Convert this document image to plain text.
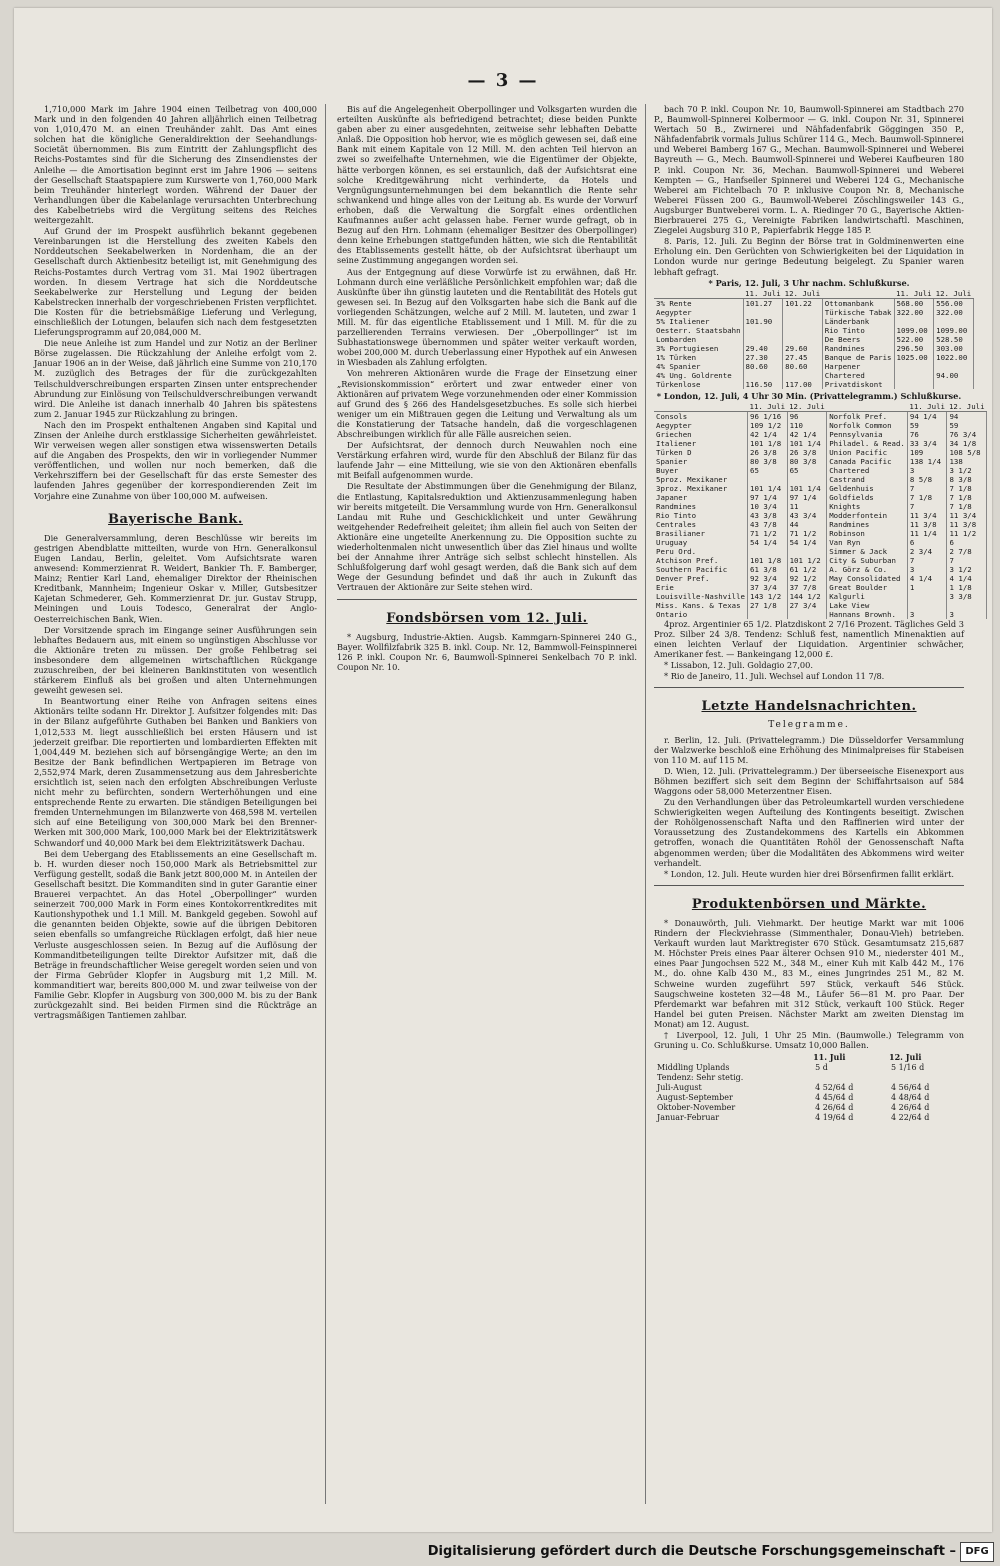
— 3 —

1,710,000 Mark im Jahre 1904 einen Teilbetrag von 400,000 Mark und in den folgenden 40 Jahren alljährlich einen Teilbetrag von 1,010,470 M. an einen Treuhänder zahlt. Das Amt eines solchen hat die königliche Generaldirektion der Seehandlungs-Societät übernommen. Bis zum Eintritt der Zahlungspflicht des Reichs-Postamtes sind für die Sicherung des Zinsendienstes der Anleihe — die Amortisation beginnt erst im Jahre 1906 — seitens der Gesellschaft Staatspapiere zum Kurswerte von 1,760,000 Mark beim Treuhänder hinterlegt worden. Während der Dauer der Verhandlungen über die Kabelanlage verursachten Unterbrechung des Kabelbetriebs wird die Vergütung seitens des Reiches weitergezahlt.

Auf Grund der im Prospekt ausführlich bekannt gegebenen Vereinbarungen ist die Herstellung des zweiten Kabels den Norddeutschen Seekabelwerken in Nordenham, die an der Gesellschaft durch Aktienbesitz beteiligt ist, mit Genehmigung des Reichs-Postamtes durch Vertrag vom 31. Mai 1902 übertragen worden. In diesem Vertrage hat sich die Norddeutsche Seekabelwerke zur Herstellung und Legung der beiden Kabelstrecken innerhalb der vorgeschriebenen Fristen verpflichtet. Die Kosten für die betriebsmäßige Lieferung und Verlegung, einschließlich der Lotungen, belaufen sich nach dem festgesetzten Lieferungsprogramm auf 20,084,000 M.

Die neue Anleihe ist zum Handel und zur Notiz an der Berliner Börse zugelassen. Die Rückzahlung der Anleihe erfolgt vom 2. Januar 1906 an in der Weise, daß jährlich eine Summe von 210,170 M. zuzüglich des Betrages der für die zurückgezahlten Teilschuldverschreibungen ersparten Zinsen unter entsprechender Abrundung zur Einlösung von Teilschuldverschreibungen verwandt wird. Die Anleihe ist danach innerhalb 40 Jahren bis spätestens zum 2. Januar 1945 zur Rückzahlung zu bringen.

Nach den im Prospekt enthaltenen Angaben sind Kapital und Zinsen der Anleihe durch erstklassige Sicherheiten gewährleistet. Wir verweisen wegen aller sonstigen etwa wissenswerten Details auf die Angaben des Prospekts, den wir in vorliegender Nummer veröffentlichen, und wollen nur noch bemerken, daß die Verkehrsziffern bei der Gesellschaft für das erste Semester des laufenden Jahres gegenüber der korrespondierenden Zeit im Vorjahre eine Zunahme von über 100,000 M. aufweisen.

Bayerische Bank.

Die Generalversammlung, deren Beschlüsse wir bereits im gestrigen Abendblatte mitteilten, wurde von Hrn. Generalkonsul Eugen Landau, Berlin, geleitet. Vom Aufsichtsrate waren anwesend: Kommerzienrat R. Weidert, Bankier Th. F. Bamberger, Mainz; Rentier Karl Land, ehemaliger Direktor der Rheinischen Kreditbank, Mannheim; Ingenieur Oskar v. Miller, Gutsbesitzer Kajetan Schmederer, Geh. Kommerzienrat Dr. jur. Gustav Strupp, Meiningen und Louis Todesco, Generalrat der Anglo-Oesterreichischen Bank, Wien.

Der Vorsitzende sprach im Eingange seiner Ausführungen sein lebhaftes Bedauern aus, mit einem so ungünstigen Abschlusse vor die Aktionäre treten zu müssen. Der große Fehlbetrag sei insbesondere dem allgemeinen wirtschaftlichen Rückgange zuzuschreiben, der bei kleineren Bankinstituten von wesentlich stärkerem Einfluß als bei großen und alten Unternehmungen geweiht gewesen sei.

In Beantwortung einer Reihe von Anfragen seitens eines Aktionärs teilte sodann Hr. Direktor J. Aufsitzer folgendes mit: Das in der Bilanz aufgeführte Guthaben bei Banken und Bankiers von 1,012,533 M. liegt ausschließlich bei ersten Häusern und ist jederzeit greifbar. Die reportierten und lombardierten Effekten mit 1,004,449 M. beziehen sich auf börsengängige Werte; an den im Besitze der Bank befindlichen Wertpapieren im Betrage von 2,552,974 Mark, deren Zusammensetzung aus dem Jahresberichte ersichtlich ist, seien nach den erfolgten Abschreibungen Verluste nicht mehr zu befürchten, sondern Werterhöhungen und eine entsprechende Rente zu erwarten. Die ständigen Beteiligungen bei fremden Unternehmungen im Bilanzwerte von 468,598 M. verteilen sich auf eine Beteiligung von 300,000 Mark bei den Brenner-Werken mit 300,000 Mark, 100,000 Mark bei der Elektrizitätswerk Schwandorf und 40,000 Mark bei dem Elektrizitätswerk Dachau.

Bei dem Uebergang des Etablissements an eine Gesellschaft m. b. H. wurden dieser noch 150,000 Mark als Betriebsmittel zur Verfügung gestellt, sodaß die Bank jetzt 800,000 M. in Anteilen der Gesellschaft besitzt. Die Kommanditen sind in guter Garantie einer Brauerei verpachtet. An das Hotel „Oberpollinger“ wurden seinerzeit 700,000 Mark in Form eines Kontokorrentkredites mit Kautionshypothek und 1.1 Mill. M. Bankgeld gegeben. Sowohl auf die genannten beiden Objekte, sowie auf die übrigen Debitoren seien ebenfalls so umfangreiche Rücklagen erfolgt, daß hier neue Verluste ausgeschlossen seien. In Bezug auf die Auflösung der Kommanditbeteiligungen teilte Direktor Aufsitzer mit, daß die Beträge in freundschaftlicher Weise geregelt worden seien und von der Firma Gebrüder Klopfer in Augsburg mit 1,2 Mill. M. kommanditiert war, bereits 800,000 M. und zwar teilweise von der Familie Gebr. Klopfer in Augsburg von 300,000 M. bis zu der Bank zurückgezahlt sind. Bei beiden Firmen sind die Rückträge an vertragsmäßigen Tantiemen zahlbar.

Bis auf die Angelegenheit Oberpollinger und Volksgarten wurden die erteilten Auskünfte als befriedigend betrachtet; diese beiden Punkte gaben aber zu einer ausgedehnten, zeitweise sehr lebhaften Debatte Anlaß. Die Opposition hob hervor, wie es möglich gewesen sei, daß eine Bank mit einem Kapitale von 12 Mill. M. den achten Teil hiervon an zwei so zweifelhafte Unternehmen, wie die Eigentümer der Objekte, hätte verborgen können, es sei erstaunlich, daß der Aufsichtsrat eine solche Kreditgewährung nicht verhinderte, da Hotels und Vergnügungsunternehmungen bei dem bekanntlich die Rente sehr schwankend und hinge alles von der Leitung ab. Es wurde der Vorwurf erhoben, daß die Verwaltung die Sorgfalt eines ordentlichen Kaufmannes außer acht gelassen habe. Ferner wurde gefragt, ob in Bezug auf den Hrn. Lohmann (ehemaliger Besitzer des Oberpollinger) denn keine Erhebungen stattgefunden hätten, wie sich die Rentabilität des Etablissements gestellt hätte, ob der Aufsichtsrat überhaupt um seine Zustimmung angegangen worden sei.

Aus der Entgegnung auf diese Vorwürfe ist zu erwähnen, daß Hr. Lohmann durch eine verläßliche Persönlichkeit empfohlen war; daß die Auskünfte über ihn günstig lauteten und die Rentabilität des Hotels gut gewesen sei. In Bezug auf den Volksgarten habe sich die Bank auf die vorliegenden Schätzungen, welche auf 2 Mill. M. lauteten, und zwar 1 Mill. M. für das eigentliche Etablissement und 1 Mill. M. für die zu parzellierenden Terrains verwiesen. Der „Oberpollinger“ ist im Subhastationswege übernommen und später weiter verkauft worden, wobei 200,000 M. durch Ueberlassung einer Hypothek auf ein Anwesen in Wiesbaden als Zahlung erfolgten.

Von mehreren Aktionären wurde die Frage der Einsetzung einer „Revisionskommission“ erörtert und zwar entweder einer von Aktionären auf privatem Wege vorzunehmenden oder einer Kommission auf Grund des § 266 des Handelsgesetzbuches. Es solle sich hierbei weniger um ein Mißtrauen gegen die Leitung und Verwaltung als um die Konstatierung der Tatsache handeln, daß die vorgeschlagenen Abschreibungen wirklich für alle Fälle ausreichen seien.

Der Aufsichtsrat, der dennoch durch Neuwahlen noch eine Verstärkung erfahren wird, wurde für den Abschluß der Bilanz für das laufende Jahr — eine Mitteilung, wie sie von den Aktionären ebenfalls mit Beifall aufgenommen wurde.

Die Resultate der Abstimmungen über die Genehmigung der Bilanz, die Entlastung, Kapitalsreduktion und Aktienzusammenlegung haben wir bereits mitgeteilt. Die Versammlung wurde von Hrn. Generalkonsul Landau mit Ruhe und Geschicklichkeit und unter Gewährung weitgehender Redefreiheit geleitet; ihm allein fiel auch von Seiten der Aktionäre eine ungeteilte Anerkennung zu. Die Opposition suchte zu wiederholtenmalen nicht unwesentlich über das Ziel hinaus und wollte bei der Annahme ihrer Anträge sich selbst schlecht hinstellen. Als Schlußfolgerung darf wohl gesagt werden, daß die Bank sich auf dem Wege der Gesundung befindet und daß ihr auch in Zukunft das Vertrauen der Aktionäre zur Seite stehen wird.

Fondsbörsen vom 12. Juli.

* Augsburg, Industrie-Aktien. Augsb. Kammgarn-Spinnerei 240 G., Bayer. Wollfilzfabrik 325 B. inkl. Coup. Nr. 12, Bammwoll-Feinspinnerei 126 P. inkl. Coupon Nr. 6, Baumwoll-Spinnerei Senkelbach 70 P. inkl. Coupon Nr. 10.

bach 70 P. inkl. Coupon Nr. 10, Baumwoll-Spinnerei am Stadtbach 270 P., Baumwoll-Spinnerei Kolbermoor — G. inkl. Coupon Nr. 31, Spinnerei Wertach 50 B., Zwirnerei und Nähfadenfabrik Göggingen 350 P., Nähfadenfabrik vormals Julius Schürer 114 G., Mech. Baumwoll-Spinnerei und Weberei Bamberg 167 G., Mechan. Baumwoll-Spinnerei und Weberei Bayreuth — G., Mech. Baumwoll-Spinnerei und Weberei Kaufbeuren 180 P. inkl. Coupon Nr. 36, Mechan. Baumwoll-Spinnerei und Weberei Kempten — G., Hanfseiler Spinnerei und Weberei 124 G., Mechanische Weberei am Fichtelbach 70 P. inklusive Coupon Nr. 8, Mechanische Weberei Füssen 200 G., Baumwoll-Weberei Zöschlingsweiler 143 G., Augsburger Buntweberei vorm. L. A. Riedinger 70 G., Bayerische Aktien-Bierbrauerei 275 G., Vereinigte Fabriken landwirtschaftl. Maschinen, Ziegelei Augsburg 310 P., Papierfabrik Hegge 185 P.

8. Paris, 12. Juli. Zu Beginn der Börse trat in Goldminenwerten eine Erholung ein. Den Gerüchten von Schwierigkeiten bei der Liquidation in London wurde nur geringe Bedeutung beigelegt. Zu Spanier waren lebhaft gefragt.

* Paris, 12. Juli, 3 Uhr nachm. Schlußkurse.

	11. Juli	12. Juli		11. Juli	12. Juli
3% Rente	101.27	101.22	Ottomanbank	568.00	556.00
Aegypter			Türkische Tabak	322.00	322.00
5% Italiener	101.90		Länderbank		
Oesterr. Staatsbahn			Rio Tinto	1099.00	1099.00
Lombarden			De Beers	522.00	528.50
3% Portugiesen	29.40	29.60	Randmines	296.50	303.00
1% Türken	27.30	27.45	Banque de Paris	1025.00	1022.00
4% Spanier	80.60	80.60	Harpener		
4% Ung. Goldrente			Chartered		94.00
Türkenlose	116.50	117.00	Privatdiskont		

* London, 12. Juli, 4 Uhr 30 Min. (Privattelegramm.) Schlußkurse.

	11. Juli	12. Juli		11. Juli	12. Juli
Consols	96 1/16	96	Norfolk Pref.	94 1/4	94
Aegypter	109 1/2	110	Norfolk Common	59	59
Griechen	42 1/4	42 1/4	Pennsylvania	76	76 3/4
Italiener	101 1/8	101 1/4	Philadel. & Read.	33 3/4	34 1/8
Türken D	26 3/8	26 3/8	Union Pacific	109	108 5/8
Spanier	80 3/8	80 3/8	Canada Pacific	138 1/4	138
Buyer	65	65	Chartered	3	3 1/2
5proz. Mexikaner			Castrand	8 5/8	8 3/8
3proz. Mexikaner	101 1/4	101 1/4	Geldenhuis	7	7 1/8
Japaner	97 1/4	97 1/4	Goldfields	7 1/8	7 1/8
Randmines	10 3/4	11	Knights	7	7 1/8
Rio Tinto	43 3/8	43 3/4	Modderfontein	11 3/4	11 3/4
Centrales	43 7/8	44	Randmines	11 3/8	11 3/8
Brasilianer	71 1/2	71 1/2	Robinson	11 1/4	11 1/2
Uruguay	54 1/4	54 1/4	Van Ryn	6	6
Peru Ord.			Simmer & Jack	2 3/4	2 7/8
Atchison Pref.	101 1/8	101 1/2	City & Suburban	7	7
Southern Pacific	61 3/8	61 1/2	A. Görz & Co.	3	3 1/2
Denver Pref.	92 3/4	92 1/2	May Consolidated	4 1/4	4 1/4
Erie	37 3/4	37 7/8	Great Boulder	1	1 1/8
Louisville-Nashville	143 1/2	144 1/2	Kalgurli		3 3/8
Miss. Kans. & Texas	27 1/8	27 3/4	Lake View		
Ontario			Hannans Brownh.	3	3

4proz. Argentinier 65 1/2. Platzdiskont 2 7/16 Prozent. Tägliches Geld 3 Proz. Silber 24 3/8. Tendenz: Schluß fest, namentlich Minenaktien auf einen leichten Verlauf der Liquidation. Argentinier schwächer, Amerikaner fest. — Bankeingang 12,000 £.

* Lissabon, 12. Juli. Goldagio 27,00.

* Rio de Janeiro, 11. Juli. Wechsel auf London 11 7/8.

Letzte Handelsnachrichten.
Telegramme.

r. Berlin, 12. Juli. (Privattelegramm.) Die Düsseldorfer Versammlung der Walzwerke beschloß eine Erhöhung des Minimalpreises für Stabeisen von 110 M. auf 115 M.

D. Wien, 12. Juli. (Privattelegramm.) Der überseeische Eisenexport aus Böhmen beziffert sich seit dem Beginn der Schiffahrtsaison auf 584 Waggons oder 58,000 Meterzentner Eisen.

Zu den Verhandlungen über das Petroleumkartell wurden verschiedene Schwierigkeiten wegen Aufteilung des Kontingents beseitigt. Zwischen der Rohölgenossenschaft Nafta und den Raffinerien wird unter der Voraussetzung des Zustandekommens des Kartells ein Abkommen getroffen, wonach die Quantitäten Rohöl der Genossenschaft Nafta abgenommen werden; über die Modalitäten des Abkommens wird weiter verhandelt.

* London, 12. Juli. Heute wurden hier drei Börsenfirmen fallit erklärt.

Produktenbörsen und Märkte.

* Donauwörth, Juli. Viehmarkt. Der heutige Markt war mit 1006 Rindern der Fleckviehrasse (Simmenthaler, Donau-Vieh) betrieben. Verkauft wurden laut Marktregister 670 Stück. Gesamtumsatz 215,687 M. Höchster Preis eines Paar älterer Ochsen 910 M., niederster 401 M., eines Paar Jungochsen 522 M., 348 M., einer Kuh mit Kalb 442 M., 176 M., do. ohne Kalb 430 M., 83 M., eines Jungrindes 251 M., 82 M. Schweine wurden zugeführt 597 Stück, verkauft 546 Stück. Saugschweine kosteten 32—48 M., Läufer 56—81 M. pro Paar. Der Pferdemarkt war befahren mit 312 Stück, verkauft 100 Stück. Reger Handel bei guten Preisen. Nächster Markt am zweiten Dienstag im Monat) am 12. August.

† Liverpool, 12. Juli, 1 Uhr 25 Min. (Baumwolle.) Telegramm von Gruning u. Co. Schlußkurse. Umsatz 10,000 Ballen.

	11. Juli	12. Juli
Middling Uplands	5 d	5 1/16 d
Tendenz: Sehr stetig.		
Juli-August	4 52/64 d	4 56/64 d
August-September	4 45/64 d	4 48/64 d
Oktober-November	4 26/64 d	4 26/64 d
Januar-Februar	4 19/64 d	4 22/64 d
Digitalisierung gefördert durch die Deutsche Forschungsgemeinschaft – DFG
